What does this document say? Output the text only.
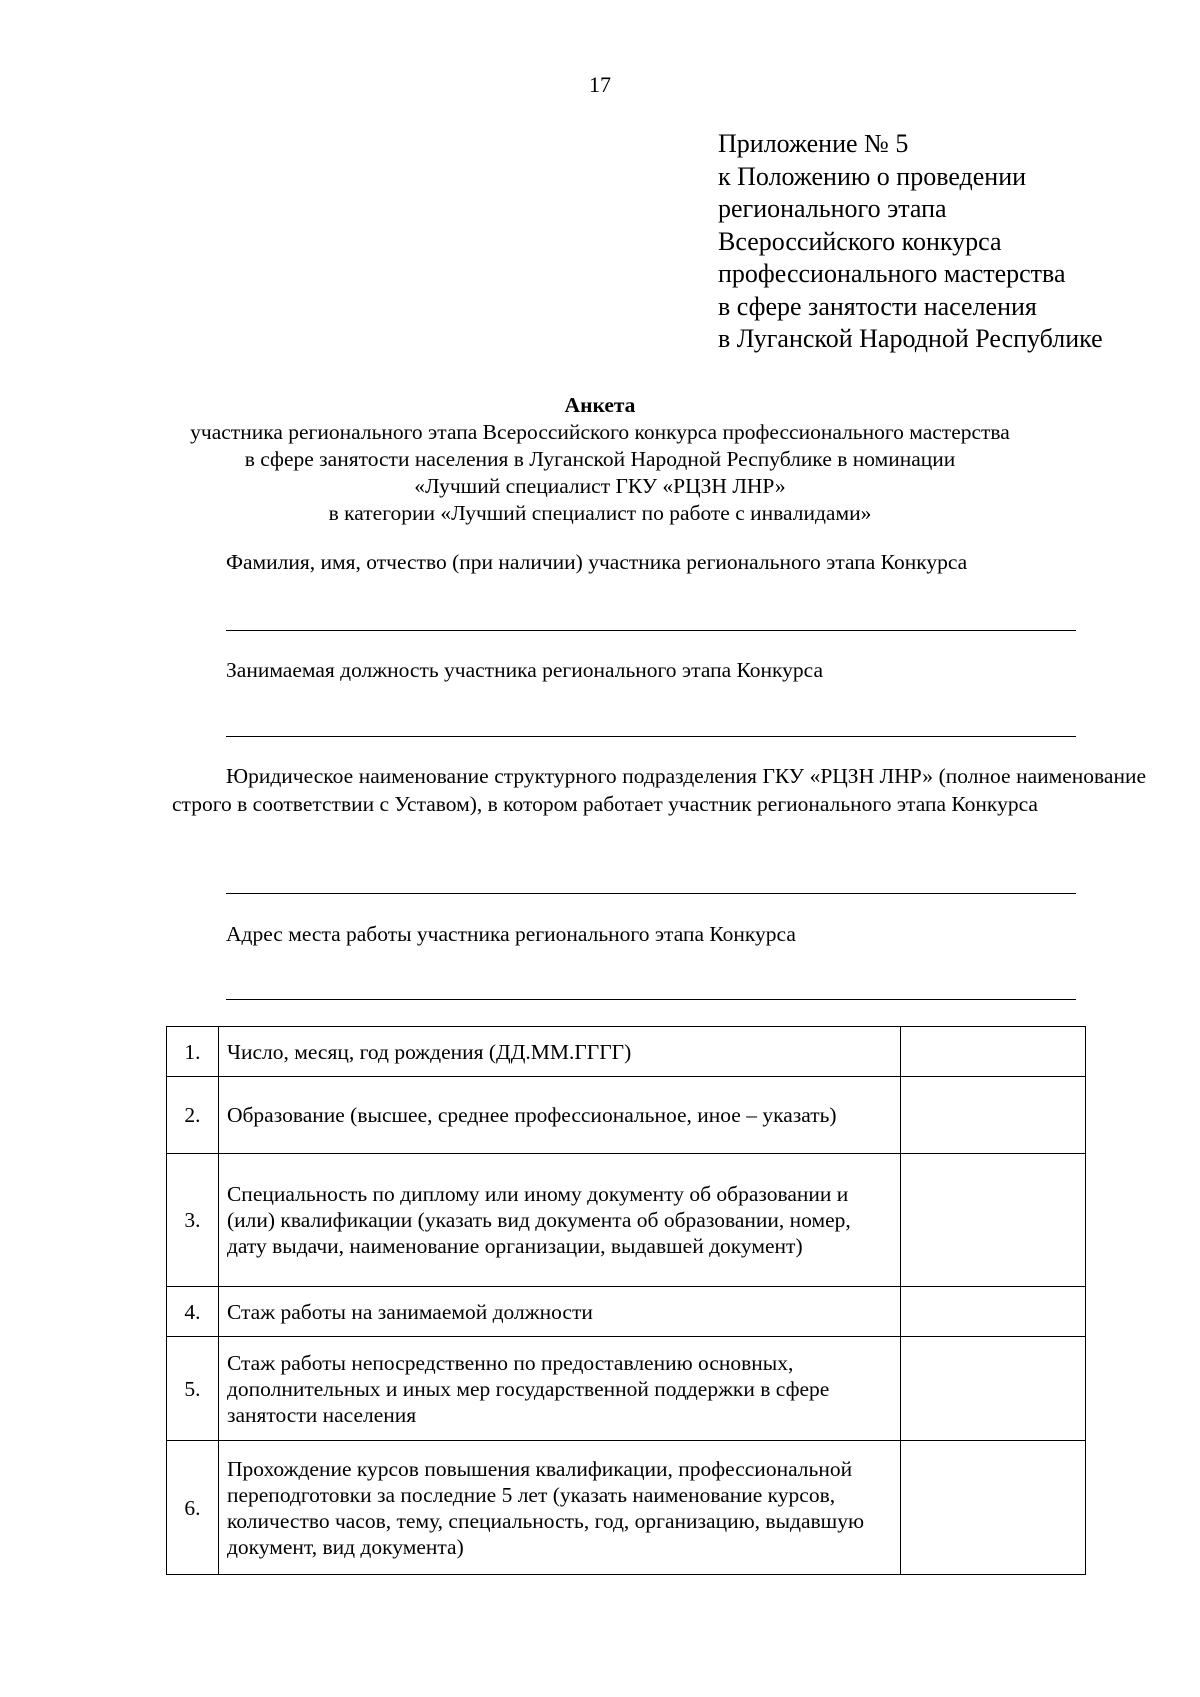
17
Приложение № 5
к Положению о проведении
регионального этапа
Всероссийского конкурса
профессионального мастерства
в сфере занятости населения
в Луганской Народной Республике
Анкета
участника регионального этапа Всероссийского конкурса профессионального мастерства
в сфере занятости населения в Луганской Народной Республике в номинации
«Лучший специалист ГКУ «РЦЗН ЛНР»
в категории «Лучший специалист по работе с инвалидами»
Фамилия, имя, отчество (при наличии) участника регионального этапа Конкурса
Занимаемая должность участника регионального этапа Конкурса
Юридическое наименование структурного подразделения ГКУ «РЦЗН ЛНР» (полное наименование строго в соответствии с Уставом), в котором работает участник регионального этапа Конкурса
Адрес места работы участника регионального этапа Конкурса
1.	Число, месяц, год рождения (ДД.ММ.ГГГГ)	
2.	Образование (высшее, среднее профессиональное, иное – указать)	
3.	Специальность по диплому или иному документу об образовании и (или) квалификации (указать вид документа об образовании, номер, дату выдачи, наименование организации, выдавшей документ)	
4.	Стаж работы на занимаемой должности	
5.	Стаж работы непосредственно по предоставлению основных, дополнительных и иных мер государственной поддержки в сфере занятости населения	
6.	Прохождение курсов повышения квалификации, профессиональной переподготовки за последние 5 лет (указать наименование курсов, количество часов, тему, специальность, год, организацию, выдавшую документ, вид документа)	
